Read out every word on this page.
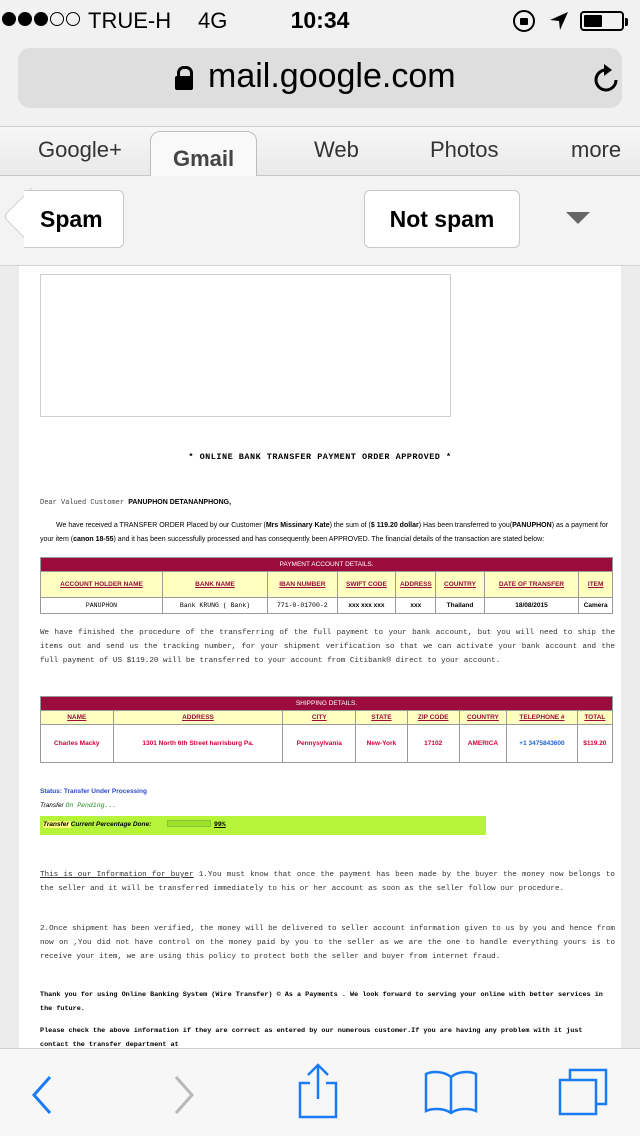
TRUE-H 4G	10:34
mail.google.com
Google+	Gmail	Web	Photos	more
Spam	Not spam
* ONLINE BANK TRANSFER PAYMENT ORDER APPROVED *
Dear Valued Customer PANUPHON DETANANPHONG,
We have received a TRANSFER ORDER Placed by our Customer (Mrs Missinary Kate) the sum of ($ 119.20 dollar) Has been transferred to you(PANUPHON) as a payment for your item (canon 18-55) and it has been successfully processed and has consequently been APPROVED. The financial details of the transaction are stated below:
PAYMENT ACCOUNT DETAILS.							
ACCOUNT HOLDER NAME	BANK NAME	IBAN NUMBER	SWIFT CODE	ADDRESS	COUNTRY	DATE OF TRANSFER	ITEM
PANUPHON	Bank KRUNG ( Bank)	771-0-01700-2	xxx xxx xxx	xxx	Thailand	18/08/2015	Camera
We have finished the procedure of the transferring of the full payment to your bank account, but you will need to ship the items out and send us the tracking number, for your shipment verification so that we can activate your bank account and the full payment of US $119.20 will be transferred to your account from Citibank® direct to your account.
SHIPPING DETAILS.							
NAME	ADDRESS	CITY	STATE	ZIP CODE	COUNTRY	TELEPHONE #	TOTAL
Charles Macky	1301 North 6th Street harrisburg Pa.	Pennysylvania	New-York	17102	AMERICA	+1 3475843600	$119.20
Status: Transfer Under Processing
Transfer On Pending...
Transfer Current Percentage Done:	99%
This is our Information for buyer 1.You must know that once the payment has been made by the buyer the money now belongs to the seller and it will be transferred immediately to his or her account as soon as the seller follow our procedure.
2.Once shipment has been verified, the money will be delivered to seller account information given to us by you and hence from now on ,You did not have control on the money paid by you to the seller as we are the one to handle everything yours is to receive your item, we are using this policy to protect both the seller and buyer from internet fraud.
Thank you for using Online Banking System (Wire Transfer) © As a Payments . We look forward to serving your online with better services in the future.
Please check the above information if they are correct as entered by our numerous customer.If you are having any problem with it just contact the transfer department at
